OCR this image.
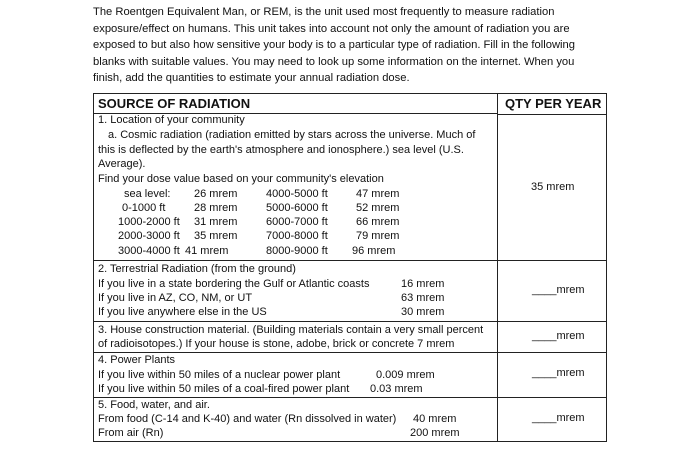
The Roentgen Equivalent Man, or REM, is the unit used most frequently to measure radiation exposure/effect on humans. This unit takes into account not only the amount of radiation you are exposed to but also how sensitive your body is to a particular type of radiation. Fill in the following blanks with suitable values. You may need to look up some information on the internet. When you finish, add the quantities to estimate your annual radiation dose.

SOURCE OF RADIATION	QTY PER YEAR
1. Location of your community
a. Cosmic radiation (radiation emitted by stars across the universe. Much of this is deflected by the earth's atmosphere and ionosphere.) sea level (U.S. Average).
Find your dose value based on your community's elevation
sea level: 26 mrem	4000-5000 ft	47 mrem
0-1000 ft	28 mrem	5000-6000 ft	52 mrem
1000-2000 ft 31 mrem	6000-7000 ft	66 mrem
2000-3000 ft 35 mrem	7000-8000 ft	79 mrem
3000-4000 ft 41 mrem	8000-9000 ft 96 mrem
35 mrem
2. Terrestrial Radiation (from the ground)
If you live in a state bordering the Gulf or Atlantic coasts	16 mrem
If you live in AZ, CO, NM, or UT	63 mrem
If you live anywhere else in the US	30 mrem
____mrem
3. House construction material. (Building materials contain a very small percent
of radioisotopes.) If your house is stone, adobe, brick or concrete 7 mrem
____mrem
4. Power Plants
If you live within 50 miles of a nuclear power plant	0.009 mrem
If you live within 50 miles of a coal-fired power plant 0.03 mrem
____mrem
5. Food, water, and air.
From food (C-14 and K-40) and water (Rn dissolved in water) 40 mrem
From air (Rn)	200 mrem
____mrem
